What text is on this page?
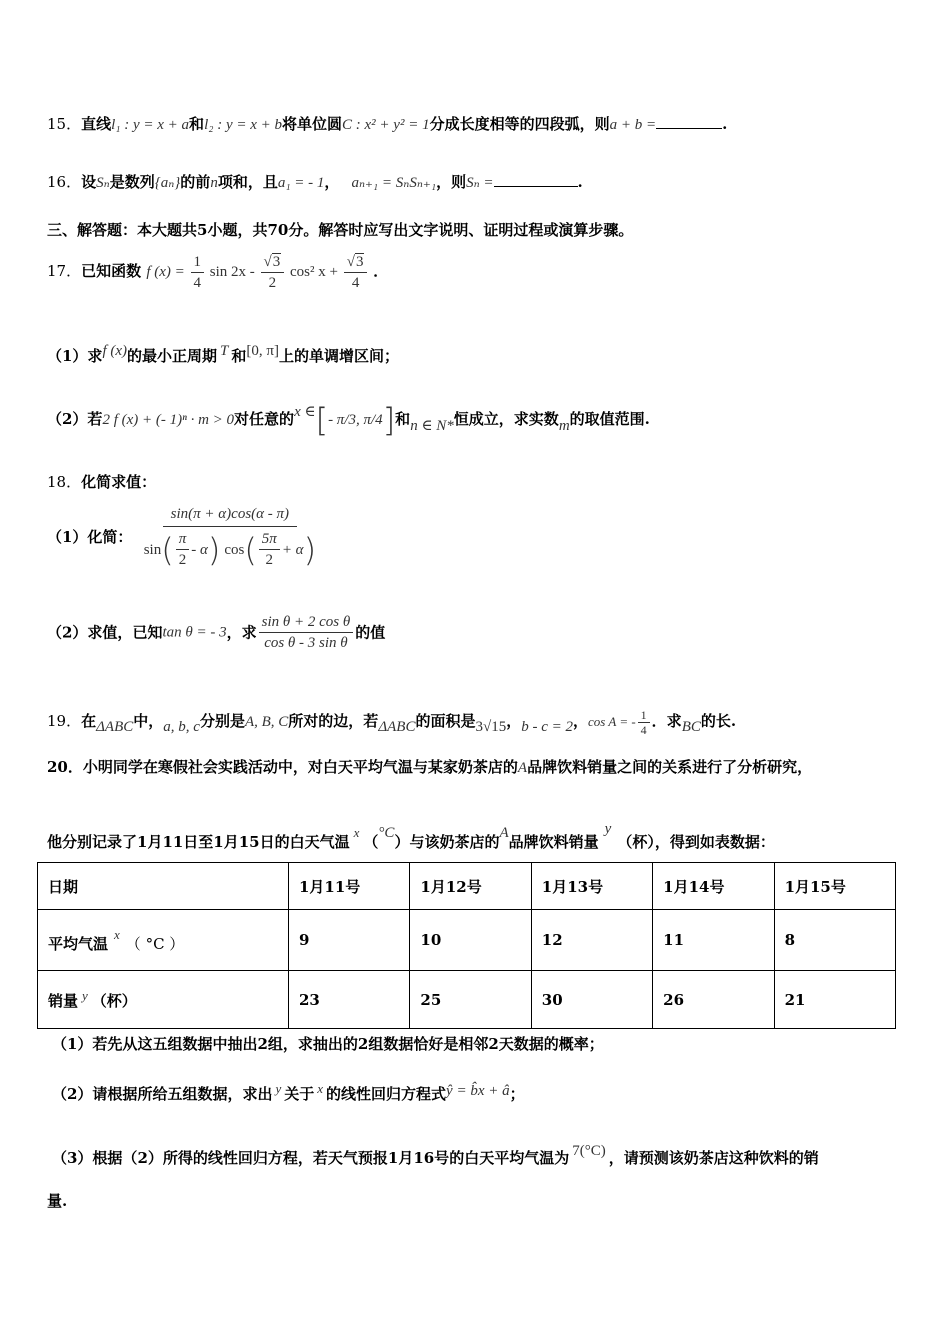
15．直线l₁ : y = x + a和l₂ : y = x + b将单位圆C : x² + y² = 1分成长度相等的四段弧，则a + b =	.
16．设Sₙ是数列{aₙ}的前n项和，且a₁ = - 1， aₙ₊₁ = SₙSₙ₊₁，则Sₙ =	.
三、解答题：本大题共5小题，共70分。解答时应写出文字说明、证明过程或演算步骤。
17．已知函数 f $(x) = \frac{1}{4}$ $\sin 2x - \frac{√3}{2} \cos^2$ $x + \frac{√3}{4}$ ．
（1）求f (x)的最小正周期 T 和[0, π]上的单调增区间；
（2）若2 f (x) + (- 1)ⁿ · m > 0对任意的x ∈[- π/3, π/4]和n ∈ N*恒成立，求实数m的取值范围.
18．化简求值：
（1）化简： $\frac{\sin(\pi + \alpha)\cos(\alpha - \pi)}{\sin ( \frac{\pi}{2} - \alpha ) \cos ( \frac{5\pi}{2} + \alpha )}$
（2）求值，已知tan θ = - 3，求 $\frac{\text{sin θ + 2 cos θ}}{\text{cos θ - 3 sin θ}}$ 的值
19．在ΔABC中，a, b, c分别是A, B, C所对的边，若ΔABC的面积是3√15，b - c = 2，cos A = - $\frac{1}{4}$ ．求BC的长.
20．小明同学在寒假社会实践活动中，对白天平均气温与某家奶茶店的A品牌饮料销量之间的关系进行了分析研究，
他分别记录了1月11日至1月15日的白天气温x（°C）与该奶茶店的A品牌饮料销量y（杯），得到如表数据：
日期	1月11号	1月12号	1月13号	1月14号	1月15号
平均气温x（ °C ）	9	10	12	11	8
销量 y （杯）	23	25	30	26	21
（1）若先从这五组数据中抽出2组，求抽出的2组数据恰好是相邻2天数据的概率；
（2）请根据所给五组数据，求出 y 关于 x 的线性回归方程式ŷ = b̂x + â；
（3）根据（2）所得的线性回归方程，若天气预报1月16号的白天平均气温为 7(°C) ，请预测该奶茶店这种饮料的销
量.
